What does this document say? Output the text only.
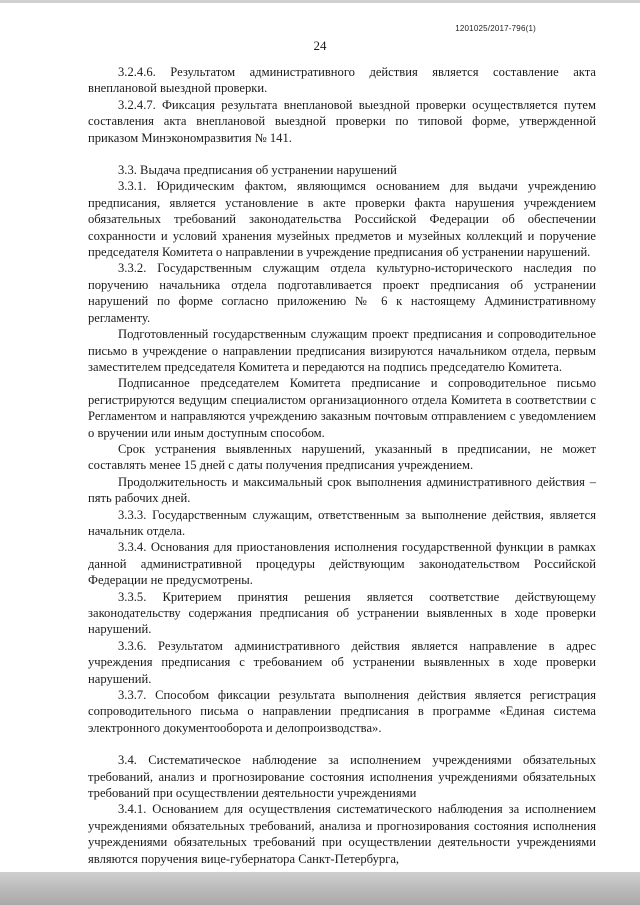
1201025/2017-796(1)
24

3.2.4.6. Результатом административного действия является составление акта внеплановой выездной проверки.

3.2.4.7. Фиксация результата внеплановой выездной проверки осуществляется путем составления акта внеплановой выездной проверки по типовой форме, утвержденной приказом Минэкономразвития № 141.

3.3. Выдача предписания об устранении нарушений

3.3.1. Юридическим фактом, являющимся основанием для выдачи учреждению предписания, является установление в акте проверки факта нарушения учреждением обязательных требований законодательства Российской Федерации об обеспечении сохранности и условий хранения музейных предметов и музейных коллекций и поручение председателя Комитета о направлении в учреждение предписания об устранении нарушений.

3.3.2. Государственным служащим отдела культурно-исторического наследия по поручению начальника отдела подготавливается проект предписания об устранении нарушений по форме согласно приложению № 6 к настоящему Административному регламенту.

Подготовленный государственным служащим проект предписания и сопроводительное письмо в учреждение о направлении предписания визируются начальником отдела, первым заместителем председателя Комитета и передаются на подпись председателю Комитета.

Подписанное председателем Комитета предписание и сопроводительное письмо регистрируются ведущим специалистом организационного отдела Комитета в соответствии с Регламентом и направляются учреждению заказным почтовым отправлением с уведомлением о вручении или иным доступным способом.

Срок устранения выявленных нарушений, указанный в предписании, не может составлять менее 15 дней с даты получения предписания учреждением.

Продолжительность и максимальный срок выполнения административного действия – пять рабочих дней.

3.3.3. Государственным служащим, ответственным за выполнение действия, является начальник отдела.

3.3.4. Основания для приостановления исполнения государственной функции в рамках данной административной процедуры действующим законодательством Российской Федерации не предусмотрены.

3.3.5. Критерием принятия решения является соответствие действующему законодательству содержания предписания об устранении выявленных в ходе проверки нарушений.

3.3.6. Результатом административного действия является направление в адрес учреждения предписания с требованием об устранении выявленных в ходе проверки нарушений.

3.3.7. Способом фиксации результата выполнения действия является регистрация сопроводительного письма о направлении предписания в программе «Единая система электронного документооборота и делопроизводства».

3.4. Систематическое наблюдение за исполнением учреждениями обязательных требований, анализ и прогнозирование состояния исполнения учреждениями обязательных требований при осуществлении деятельности учреждениями

3.4.1. Основанием для осуществления систематического наблюдения за исполнением учреждениями обязательных требований, анализа и прогнозирования состояния исполнения учреждениями обязательных требований при осуществлении деятельности учреждениями являются поручения вице-губернатора Санкт-Петербурга,
